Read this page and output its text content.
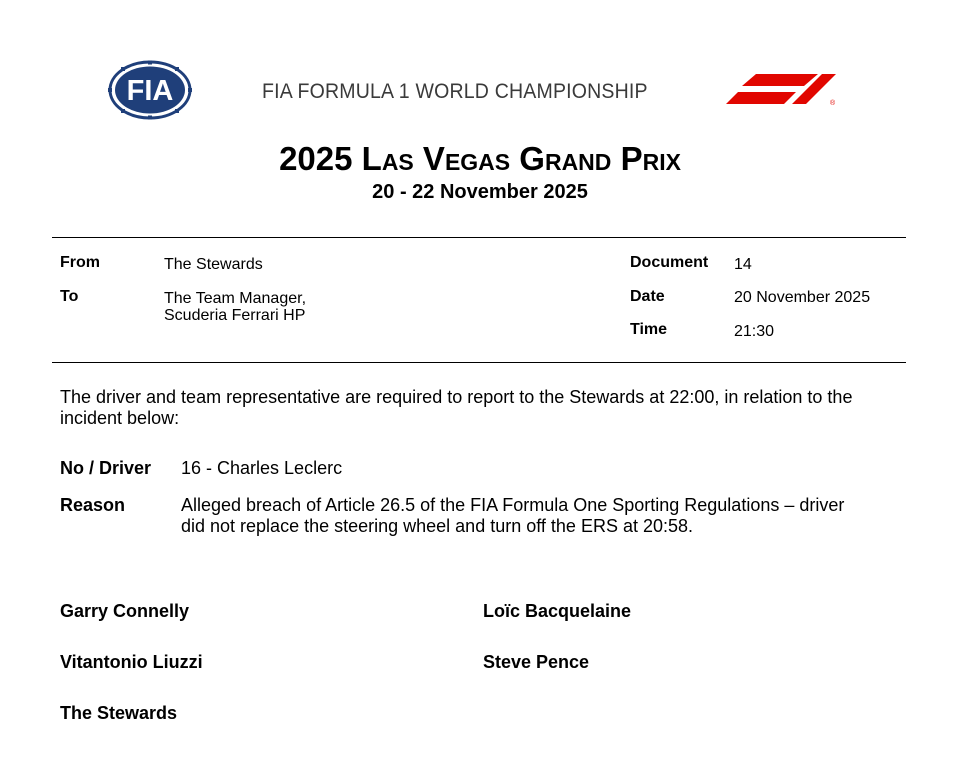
FIA	FIA FORMULA 1 WORLD CHAMPIONSHIP
®
2025 Las Vegas Grand Prix
20 - 22 November 2025
From	The Stewards
To	The Team Manager,
Scuderia Ferrari HP
Document 14
Date	20 November 2025
Time	21:30
The driver and team representative are required to report to the Stewards at 22:00, in relation to the
incident below:
No / Driver 16 - Charles Leclerc
Reason	Alleged breach of Article 26.5 of the FIA Formula One Sporting Regulations – driver
did not replace the steering wheel and turn off the ERS at 20:58.
Garry Connelly	Loïc Bacquelaine
Vitantonio Liuzzi	Steve Pence
The Stewards
